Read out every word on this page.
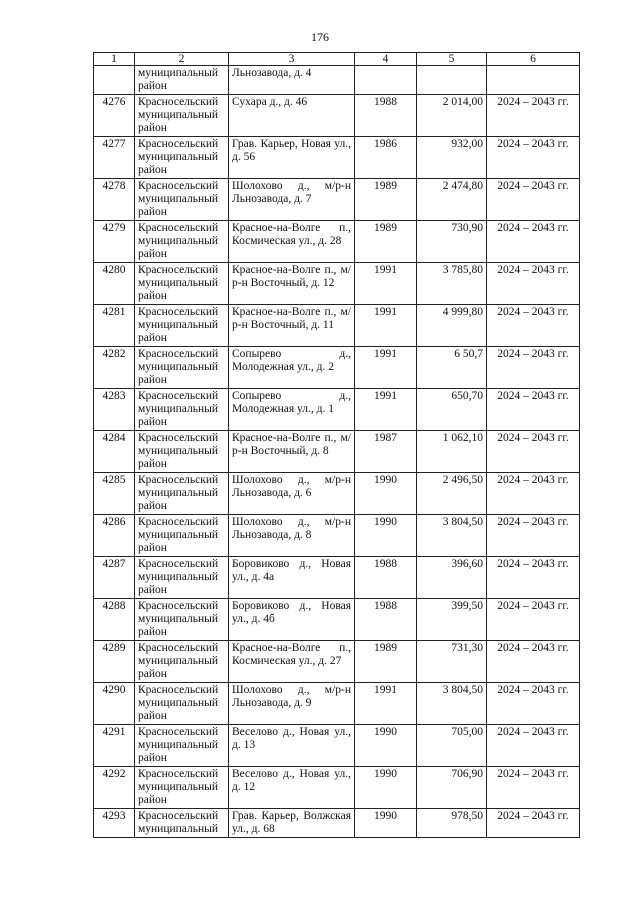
176
1	2	3	4	5	6
	муниципальный
район	Льнозавода, д. 4			
4276	Красносельский
муниципальный
район	Сухара д., д. 46	1988	2 014,00	2024 – 2043 гг.
4277	Красносельский
муниципальный
район	Грав. Карьер, Новая ул., д. 56	1986	932,00	2024 – 2043 гг.
4278	Красносельский
муниципальный
район	Шолохово д., м/р-н Льнозавода, д. 7	1989	2 474,80	2024 – 2043 гг.
4279	Красносельский
муниципальный
район	Красное-на-Волге п., Космическая ул., д. 28	1989	730,90	2024 – 2043 гг.
4280	Красносельский
муниципальный
район	Красное-на-Волге п., м/р-н Восточный, д. 12	1991	3 785,80	2024 – 2043 гг.
4281	Красносельский
муниципальный
район	Красное-на-Волге п., м/р-н Восточный, д. 11	1991	4 999,80	2024 – 2043 гг.
4282	Красносельский
муниципальный
район	Сопырево д., Молодежная ул., д. 2	1991	6 50,7	2024 – 2043 гг.
4283	Красносельский
муниципальный
район	Сопырево д., Молодежная ул., д. 1	1991	650,70	2024 – 2043 гг.
4284	Красносельский
муниципальный
район	Красное-на-Волге п., м/р-н Восточный, д. 8	1987	1 062,10	2024 – 2043 гг.
4285	Красносельский
муниципальный
район	Шолохово д., м/р-н Льнозавода, д. 6	1990	2 496,50	2024 – 2043 гг.
4286	Красносельский
муниципальный
район	Шолохово д., м/р-н Льнозавода, д. 8	1990	3 804,50	2024 – 2043 гг.
4287	Красносельский
муниципальный
район	Боровиково д., Новая ул., д. 4а	1988	396,60	2024 – 2043 гг.
4288	Красносельский
муниципальный
район	Боровиково д., Новая ул., д. 4б	1988	399,50	2024 – 2043 гг.
4289	Красносельский
муниципальный
район	Красное-на-Волге п., Космическая ул., д. 27	1989	731,30	2024 – 2043 гг.
4290	Красносельский
муниципальный
район	Шолохово д., м/р-н Льнозавода, д. 9	1991	3 804,50	2024 – 2043 гг.
4291	Красносельский
муниципальный
район	Веселово д., Новая ул., д. 13	1990	705,00	2024 – 2043 гг.
4292	Красносельский
муниципальный
район	Веселово д., Новая ул., д. 12	1990	706,90	2024 – 2043 гг.
4293	Красносельский
муниципальный	Грав. Карьер, Волжская ул., д. 68	1990	978,50	2024 – 2043 гг.
